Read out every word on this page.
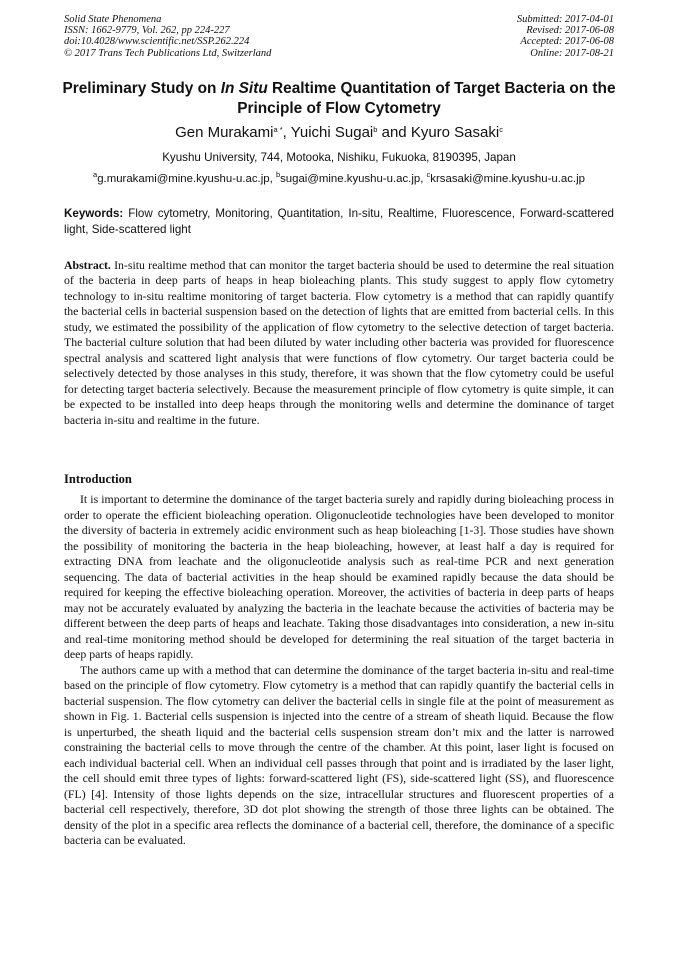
Solid State Phenomena
ISSN: 1662-9779, Vol. 262, pp 224-227
doi:10.4028/www.scientific.net/SSP.262.224
© 2017 Trans Tech Publications Ltd, Switzerland
Submitted: 2017-04-01
Revised: 2017-06-08
Accepted: 2017-06-08
Online: 2017-08-21
Preliminary Study on In Situ Realtime Quantitation of Target Bacteria on the Principle of Flow Cytometry
Gen Murakami$^{a *}$, Yuichi Sugai$^b$ and Kyuro Sasaki$^c$
Kyushu University, 744, Motooka, Nishiku, Fukuoka, 8190395, Japan
$^a$g.murakami@mine.kyushu-u.ac.jp, $^b$sugai@mine.kyushu-u.ac.jp, $^c$krsasaki@mine.kyushu-u.ac.jp
Keywords: Flow cytometry, Monitoring, Quantitation, In-situ, Realtime, Fluorescence, Forward-scattered light, Side-scattered light
Abstract. In-situ realtime method that can monitor the target bacteria should be used to determine the real situation of the bacteria in deep parts of heaps in heap bioleaching plants. This study suggest to apply flow cytometry technology to in-situ realtime monitoring of target bacteria. Flow cytometry is a method that can rapidly quantify the bacterial cells in bacterial suspension based on the detection of lights that are emitted from bacterial cells. In this study, we estimated the possibility of the application of flow cytometry to the selective detection of target bacteria. The bacterial culture solution that had been diluted by water including other bacteria was provided for fluorescence spectral analysis and scattered light analysis that were functions of flow cytometry. Our target bacteria could be selectively detected by those analyses in this study, therefore, it was shown that the flow cytometry could be useful for detecting target bacteria selectively. Because the measurement principle of flow cytometry is quite simple, it can be expected to be installed into deep heaps through the monitoring wells and determine the dominance of target bacteria in-situ and realtime in the future.
Introduction

It is important to determine the dominance of the target bacteria surely and rapidly during bioleaching process in order to operate the efficient bioleaching operation. Oligonucleotide technologies have been developed to monitor the diversity of bacteria in extremely acidic environment such as heap bioleaching [1-3]. Those studies have shown the possibility of monitoring the bacteria in the heap bioleaching, however, at least half a day is required for extracting DNA from leachate and the oligonucleotide analysis such as real-time PCR and next generation sequencing. The data of bacterial activities in the heap should be examined rapidly because the data should be required for keeping the effective bioleaching operation. Moreover, the activities of bacteria in deep parts of heaps may not be accurately evaluated by analyzing the bacteria in the leachate because the activities of bacteria may be different between the deep parts of heaps and leachate. Taking those disadvantages into consideration, a new in-situ and real-time monitoring method should be developed for determining the real situation of the target bacteria in deep parts of heaps rapidly.

The authors came up with a method that can determine the dominance of the target bacteria in-situ and real-time based on the principle of flow cytometry. Flow cytometry is a method that can rapidly quantify the bacterial cells in bacterial suspension. The flow cytometry can deliver the bacterial cells in single file at the point of measurement as shown in Fig. 1. Bacterial cells suspension is injected into the centre of a stream of sheath liquid. Because the flow is unperturbed, the sheath liquid and the bacterial cells suspension stream don’t mix and the latter is narrowed constraining the bacterial cells to move through the centre of the chamber. At this point, laser light is focused on each individual bacterial cell. When an individual cell passes through that point and is irradiated by the laser light, the cell should emit three types of lights: forward-scattered light (FS), side-scattered light (SS), and fluorescence (FL) [4]. Intensity of those lights depends on the size, intracellular structures and fluorescent properties of a bacterial cell respectively, therefore, 3D dot plot showing the strength of those three lights can be obtained. The density of the plot in a specific area reflects the dominance of a bacterial cell, therefore, the dominance of a specific bacteria can be evaluated.
